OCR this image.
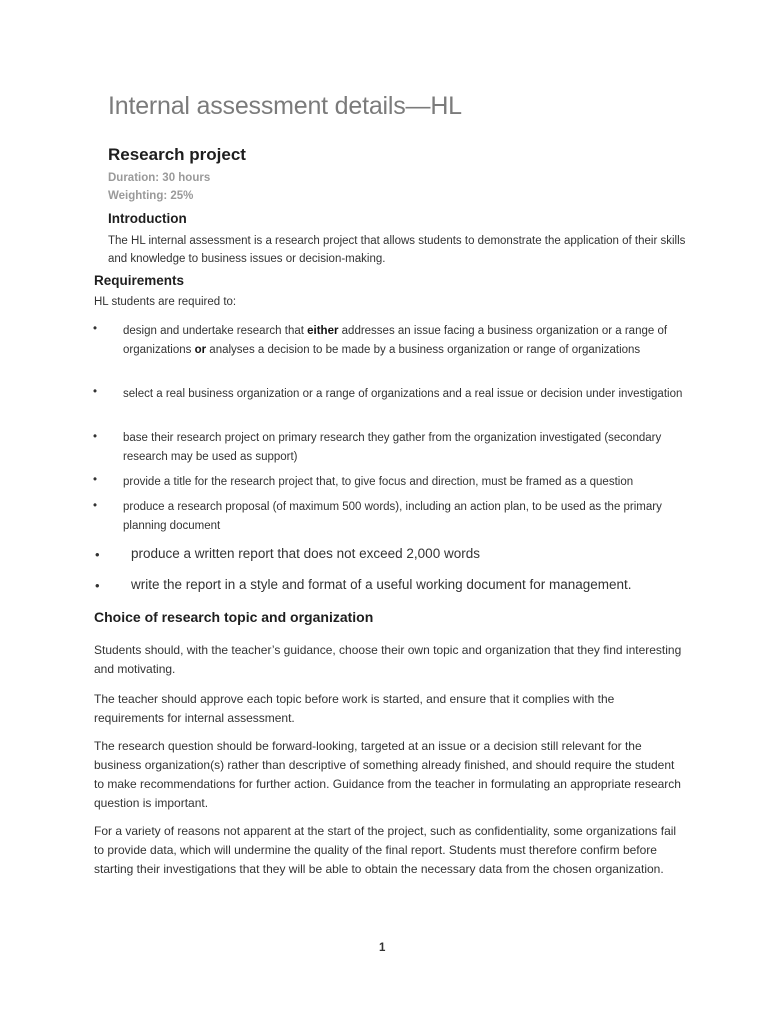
Internal assessment details—HL
Research project
Duration: 30 hours
Weighting: 25%
Introduction

The HL internal assessment is a research project that allows students to demonstrate the application of their skills and knowledge to business issues or decision-making.

Requirements

HL students are required to:

• design and undertake research that either addresses an issue facing a business organization or a range of organizations or analyses a decision to be made by a business organization or range of organizations
• select a real business organization or a range of organizations and a real issue or decision under investigation
• base their research project on primary research they gather from the organization investigated (secondary research may be used as support)
• provide a title for the research project that, to give focus and direction, must be framed as a question
• produce a research proposal (of maximum 500 words), including an action plan, to be used as the primary planning document
• produce a written report that does not exceed 2,000 words
• write the report in a style and format of a useful working document for management.
Choice of research topic and organization

Students should, with the teacher’s guidance, choose their own topic and organization that they find interesting and motivating.

The teacher should approve each topic before work is started, and ensure that it complies with the requirements for internal assessment.

The research question should be forward-looking, targeted at an issue or a decision still relevant for the business organization(s) rather than descriptive of something already finished, and should require the student to make recommendations for further action. Guidance from the teacher in formulating an appropriate research question is important.

For a variety of reasons not apparent at the start of the project, such as confidentiality, some organizations fail to provide data, which will undermine the quality of the final report. Students must therefore confirm before starting their investigations that they will be able to obtain the necessary data from the chosen organization.

1
